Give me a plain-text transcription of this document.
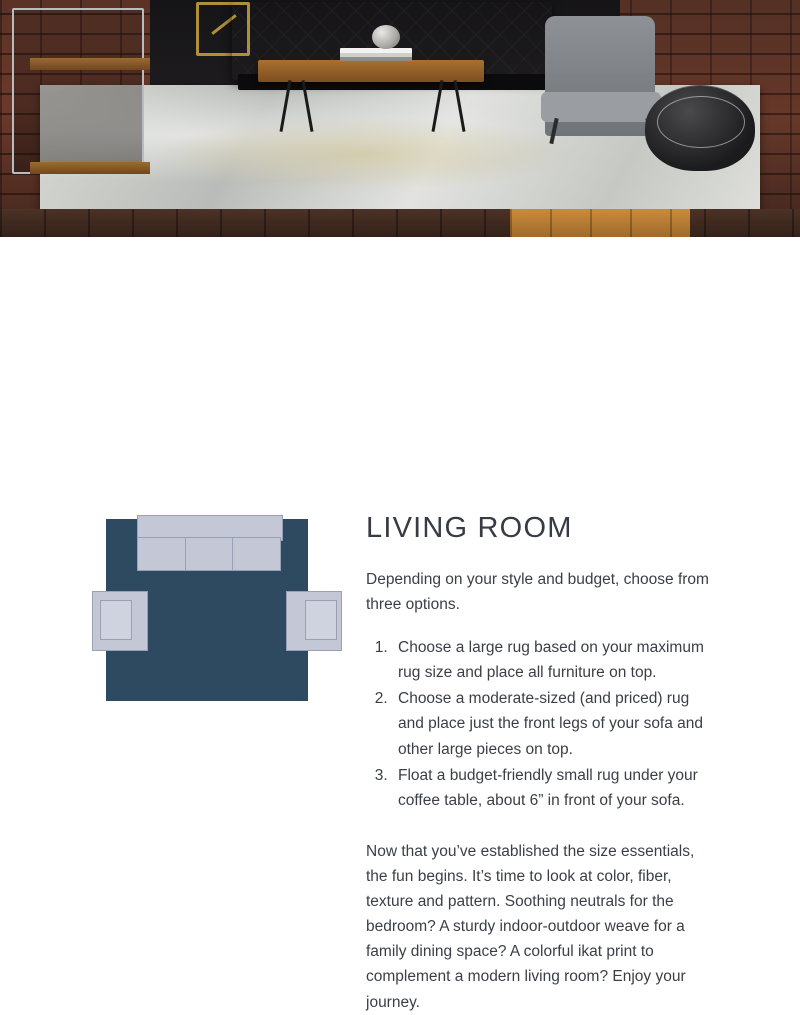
LIVING ROOM

Depending on your style and budget, choose from three options.

1. Choose a large rug based on your maximum rug size and place all furniture on top.
2. Choose a moderate-sized (and priced) rug and place just the front legs of your sofa and other large pieces on top.
3. Float a budget-friendly small rug under your coffee table, about 6” in front of your sofa.

Now that you’ve established the size essentials, the fun begins. It’s time to look at color, fiber, texture and pattern. Soothing neutrals for the bedroom? A sturdy indoor-outdoor weave for a family dining space? A colorful ikat print to complement a modern living room? Enjoy your journey.
